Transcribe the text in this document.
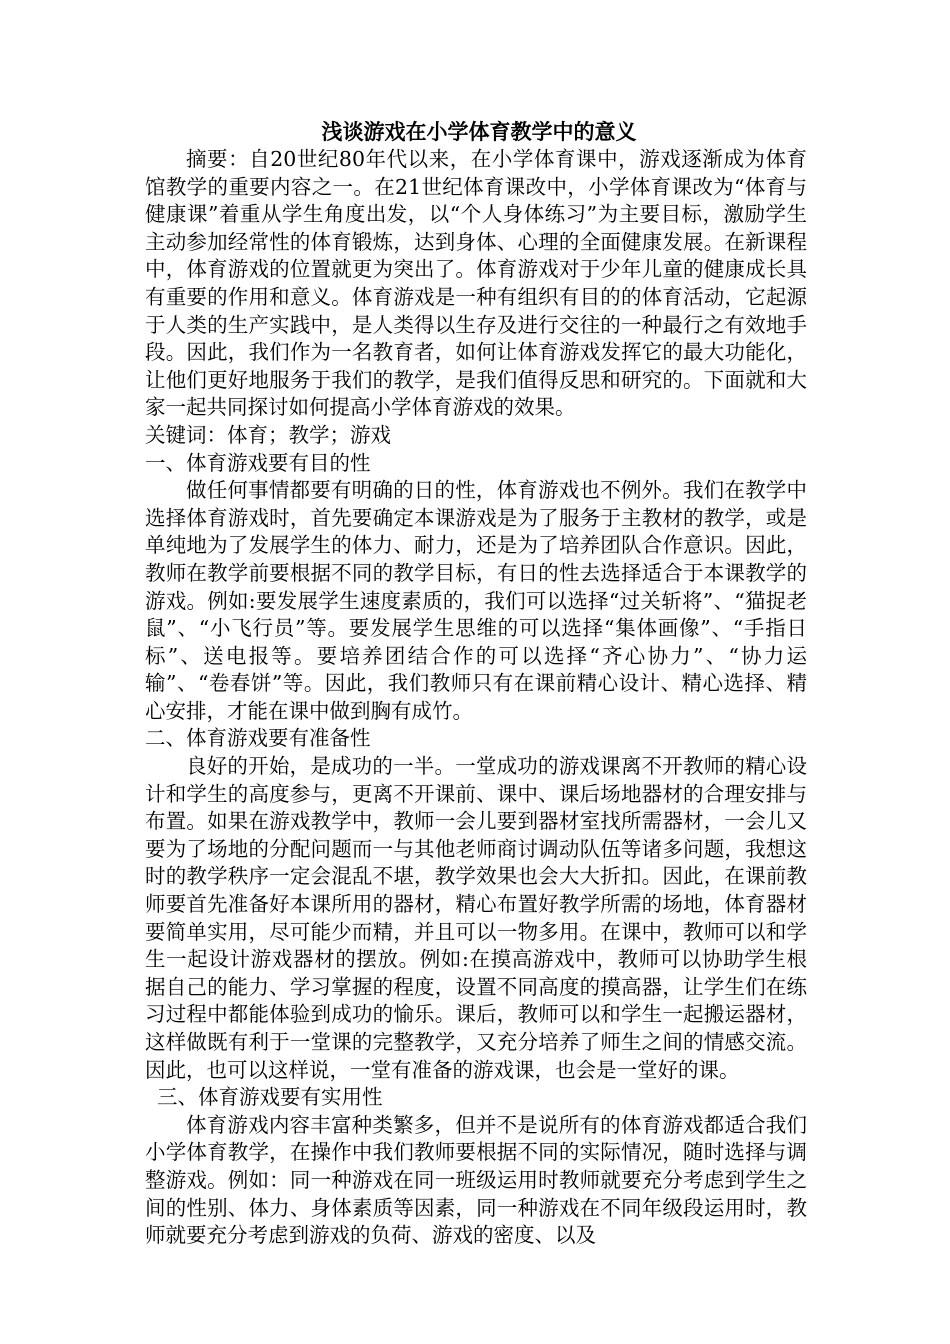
浅谈游戏在小学体育教学中的意义

摘要：自20世纪80年代以来，在小学体育课中，游戏逐渐成为体育馆教学的重要内容之一。在21世纪体育课改中，小学体育课改为“体育与健康课”着重从学生角度出发，以“个人身体练习”为主要目标，激励学生主动参加经常性的体育锻炼，达到身体、心理的全面健康发展。在新课程中，体育游戏的位置就更为突出了。体育游戏对于少年儿童的健康成长具有重要的作用和意义。体育游戏是一种有组织有目的的体育活动，它起源于人类的生产实践中，是人类得以生存及进行交往的一种最行之有效地手段。因此，我们作为一名教育者，如何让体育游戏发挥它的最大功能化，让他们更好地服务于我们的教学，是我们值得反思和研究的。下面就和大家一起共同探讨如何提高小学体育游戏的效果。

关键词：体育；教学；游戏

一、体育游戏要有目的性

做任何事情都要有明确的日的性，体育游戏也不例外。我们在教学中选择体育游戏时，首先要确定本课游戏是为了服务于主教材的教学，或是单纯地为了发展学生的体力、耐力，还是为了培养团队合作意识。因此，教师在教学前要根据不同的教学目标，有日的性去选择适合于本课教学的游戏。例如:要发展学生速度素质的，我们可以选择“过关斩将”、“猫捉老鼠”、“小飞行员”等。要发展学生思维的可以选择“集体画像”、“手指日标”、送电报等。要培养团结合作的可以选择“齐心协力”、“协力运输”、“卷春饼”等。因此，我们教师只有在课前精心设计、精心选择、精心安排，才能在课中做到胸有成竹。

二、体育游戏要有准备性

良好的开始，是成功的一半。一堂成功的游戏课离不开教师的精心设计和学生的高度参与，更离不开课前、课中、课后场地器材的合理安排与布置。如果在游戏教学中，教师一会儿要到器材室找所需器材，一会儿又要为了场地的分配问题而一与其他老师商讨调动队伍等诸多问题，我想这时的教学秩序一定会混乱不堪，教学效果也会大大折扣。因此，在课前教师要首先准备好本课所用的器材，精心布置好教学所需的场地，体育器材要简单实用，尽可能少而精，并且可以一物多用。在课中，教师可以和学生一起设计游戏器材的摆放。例如:在摸高游戏中，教师可以协助学生根据自己的能力、学习掌握的程度，设置不同高度的摸高器，让学生们在练习过程中都能体验到成功的愉乐。课后，教师可以和学生一起搬运器材，这样做既有利于一堂课的完整教学，又充分培养了师生之间的情感交流。因此，也可以这样说，一堂有准备的游戏课，也会是一堂好的课。

三、体育游戏要有实用性

体育游戏内容丰富种类繁多，但并不是说所有的体育游戏都适合我们小学体育教学，在操作中我们教师要根据不同的实际情况，随时选择与调整游戏。例如：同一种游戏在同一班级运用时教师就要充分考虑到学生之间的性别、体力、身体素质等因素，同一种游戏在不同年级段运用时，教师就要充分考虑到游戏的负荷、游戏的密度、以及
